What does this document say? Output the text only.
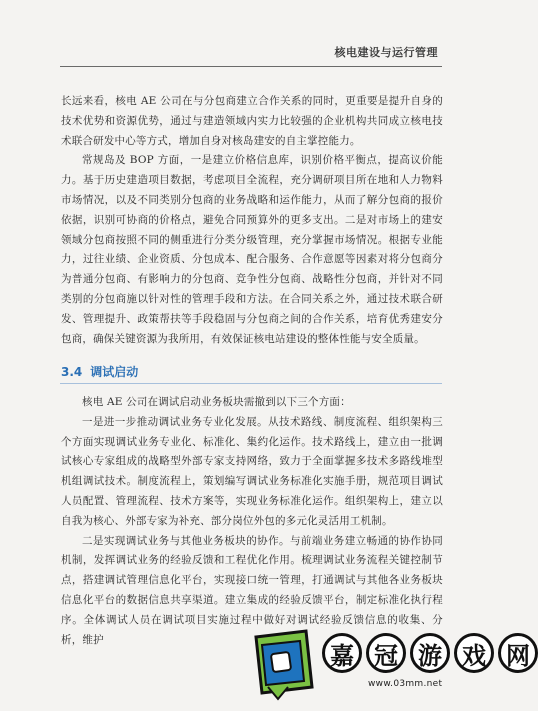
核电建设与运行管理

长远来看，核电 AE 公司在与分包商建立合作关系的同时，更重要是提升自身的技术优势和资源优势，通过与建造领域内实力比较强的企业机构共同成立核电技术联合研发中心等方式，增加自身对核岛建安的自主掌控能力。

常规岛及 BOP 方面，一是建立价格信息库，识别价格平衡点，提高议价能力。基于历史建造项目数据，考虑项目全流程，充分调研项目所在地和人力物料市场情况，以及不同类别分包商的业务战略和运作能力，从而了解分包商的报价依据，识别可协商的价格点，避免合同预算外的更多支出。二是对市场上的建安领域分包商按照不同的侧重进行分类分级管理，充分掌握市场情况。根据专业能力，过往业绩、企业资质、分包成本、配合服务、合作意愿等因素对将分包商分为普通分包商、有影响力的分包商、竞争性分包商、战略性分包商，并针对不同类别的分包商施以针对性的管理手段和方法。在合同关系之外，通过技术联合研发、管理提升、政策帮扶等手段稳固与分包商之间的合作关系，培育优秀建安分包商，确保关键资源为我所用，有效保证核电站建设的整体性能与安全质量。

3.4 调试启动

核电 AE 公司在调试启动业务板块需撤到以下三个方面：

一是进一步推动调试业务专业化发展。从技术路线、制度流程、组织架构三个方面实现调试业务专业化、标准化、集约化运作。技术路线上，建立由一批调试核心专家组成的战略型外部专家支持网络，致力于全面掌握多技术多路线堆型机组调试技术。制度流程上，策划编写调试业务标准化实施手册，规范项目调试人员配置、管理流程、技术方案等，实现业务标准化运作。组织架构上，建立以自我为核心、外部专家为补充、部分岗位外包的多元化灵活用工机制。

二是实现调试业务与其他业务板块的协作。与前端业务建立畅通的协作协同机制，发挥调试业务的经验反馈和工程优化作用。梳理调试业务流程关键控制节点，搭建调试管理信息化平台，实现接口统一管理，打通调试与其他各业务板块信息化平台的数据信息共享渠道。建立集成的经验反馈平台，制定标准化执行程序。全体调试人员在调试项目实施过程中做好对调试经验反馈信息的收集、分析，维护

嘉 冠 游 戏 网
www.03mm.net
